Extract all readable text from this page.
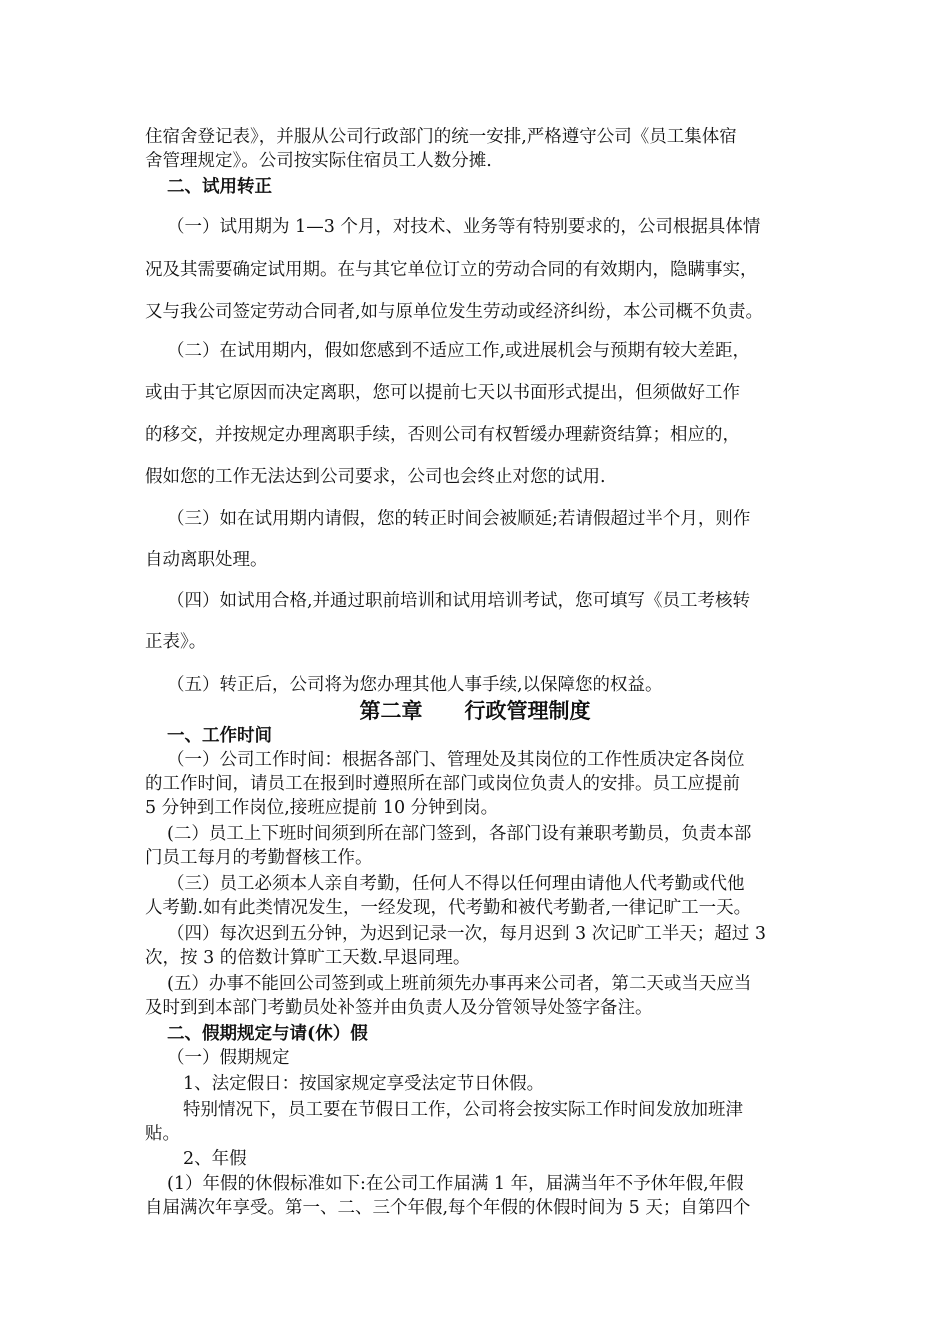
住宿舍登记表》，并服从公司行政部门的统一安排,严格遵守公司《员工集体宿
舍管理规定》。公司按实际住宿员工人数分摊.
二、试用转正
（一）试用期为 1—3 个月，对技术、业务等有特别要求的，公司根据具体情
况及其需要确定试用期。在与其它单位订立的劳动合同的有效期内，隐瞒事实，
又与我公司签定劳动合同者,如与原单位发生劳动或经济纠纷，本公司概不负责。
（二）在试用期内，假如您感到不适应工作,或进展机会与预期有较大差距，
或由于其它原因而决定离职，您可以提前七天以书面形式提出，但须做好工作
的移交，并按规定办理离职手续，否则公司有权暂缓办理薪资结算；相应的，
假如您的工作无法达到公司要求，公司也会终止对您的试用.
（三）如在试用期内请假，您的转正时间会被顺延;若请假超过半个月，则作
自动离职处理。
（四）如试用合格,并通过职前培训和试用培训考试，您可填写《员工考核转
正表》。
（五）转正后，公司将为您办理其他人事手续,以保障您的权益。
第二章　　行政管理制度
一、工作时间
（一）公司工作时间：根据各部门、管理处及其岗位的工作性质决定各岗位
的工作时间，请员工在报到时遵照所在部门或岗位负责人的安排。员工应提前
5 分钟到工作岗位,接班应提前 10 分钟到岗。
(二）员工上下班时间须到所在部门签到，各部门设有兼职考勤员，负责本部
门员工每月的考勤督核工作。
（三）员工必须本人亲自考勤，任何人不得以任何理由请他人代考勤或代他
人考勤.如有此类情况发生，一经发现，代考勤和被代考勤者,一律记旷工一天。
（四）每次迟到五分钟，为迟到记录一次，每月迟到 3 次记旷工半天；超过 3
次，按 3 的倍数计算旷工天数.早退同理。
(五）办事不能回公司签到或上班前须先办事再来公司者，第二天或当天应当
及时到到本部门考勤员处补签并由负责人及分管领导处签字备注。
二、假期规定与请(休）假
（一）假期规定
1、法定假日：按国家规定享受法定节日休假。
特别情况下，员工要在节假日工作，公司将会按实际工作时间发放加班津
贴。
2、年假
(1）年假的休假标准如下:在公司工作届满 1 年，届满当年不予休年假,年假
自届满次年享受。第一、二、三个年假,每个年假的休假时间为 5 天；自第四个
